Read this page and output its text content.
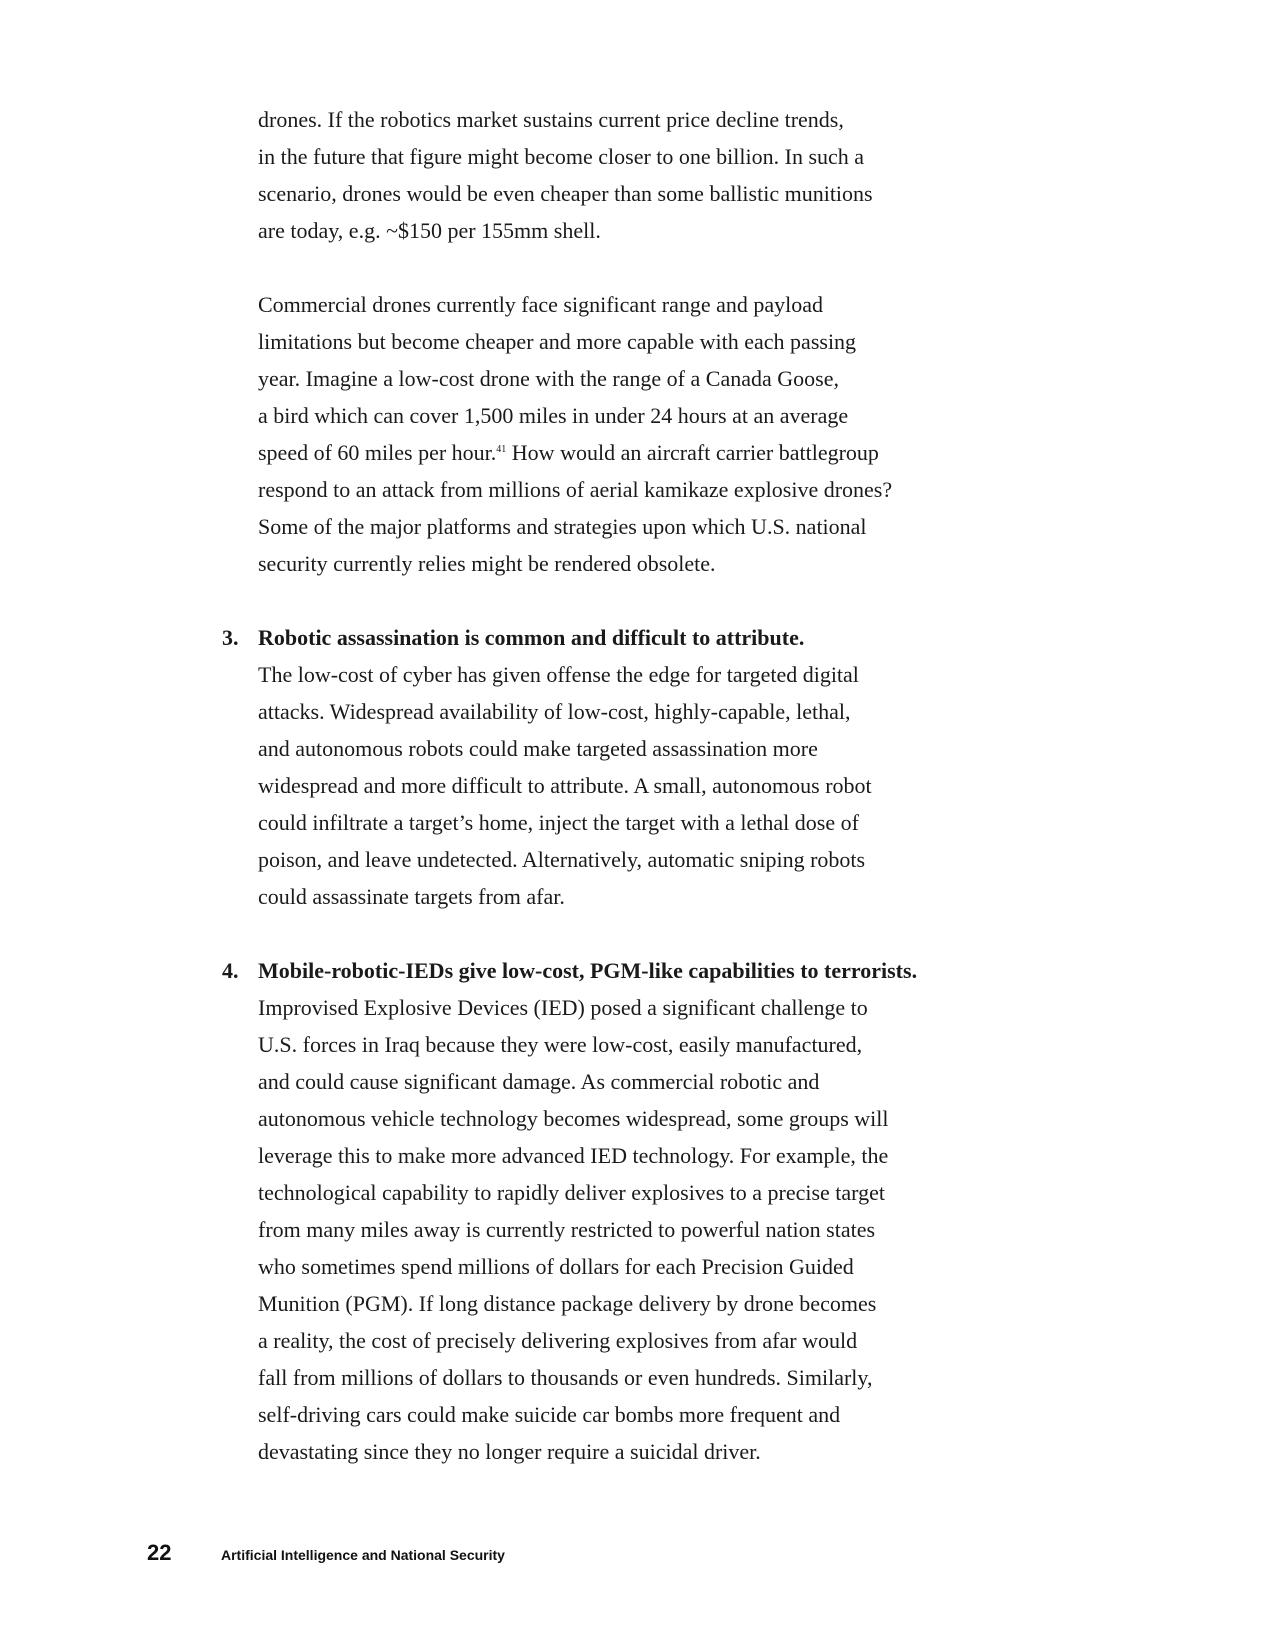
drones. If the robotics market sustains current price decline trends,
in the future that figure might become closer to one billion. In such a
scenario, drones would be even cheaper than some ballistic munitions
are today, e.g. ~$150 per 155mm shell.
Commercial drones currently face significant range and payload
limitations but become cheaper and more capable with each passing
year. Imagine a low-cost drone with the range of a Canada Goose,
a bird which can cover 1,500 miles in under 24 hours at an average
speed of 60 miles per hour.$^{41}$ How would an aircraft carrier battlegroup
respond to an attack from millions of aerial kamikaze explosive drones?
Some of the major platforms and strategies upon which U.S. national
security currently relies might be rendered obsolete.
3. Robotic assassination is common and difficult to attribute.
The low-cost of cyber has given offense the edge for targeted digital
attacks. Widespread availability of low-cost, highly-capable, lethal,
and autonomous robots could make targeted assassination more
widespread and more difficult to attribute. A small, autonomous robot
could infiltrate a target’s home, inject the target with a lethal dose of
poison, and leave undetected. Alternatively, automatic sniping robots
could assassinate targets from afar.
4. Mobile-robotic-IEDs give low-cost, PGM-like capabilities to terrorists.
Improvised Explosive Devices (IED) posed a significant challenge to
U.S. forces in Iraq because they were low-cost, easily manufactured,
and could cause significant damage. As commercial robotic and
autonomous vehicle technology becomes widespread, some groups will
leverage this to make more advanced IED technology. For example, the
technological capability to rapidly deliver explosives to a precise target
from many miles away is currently restricted to powerful nation states
who sometimes spend millions of dollars for each Precision Guided
Munition (PGM). If long distance package delivery by drone becomes
a reality, the cost of precisely delivering explosives from afar would
fall from millions of dollars to thousands or even hundreds. Similarly,
self-driving cars could make suicide car bombs more frequent and
devastating since they no longer require a suicidal driver.
22	Artificial Intelligence and National Security
